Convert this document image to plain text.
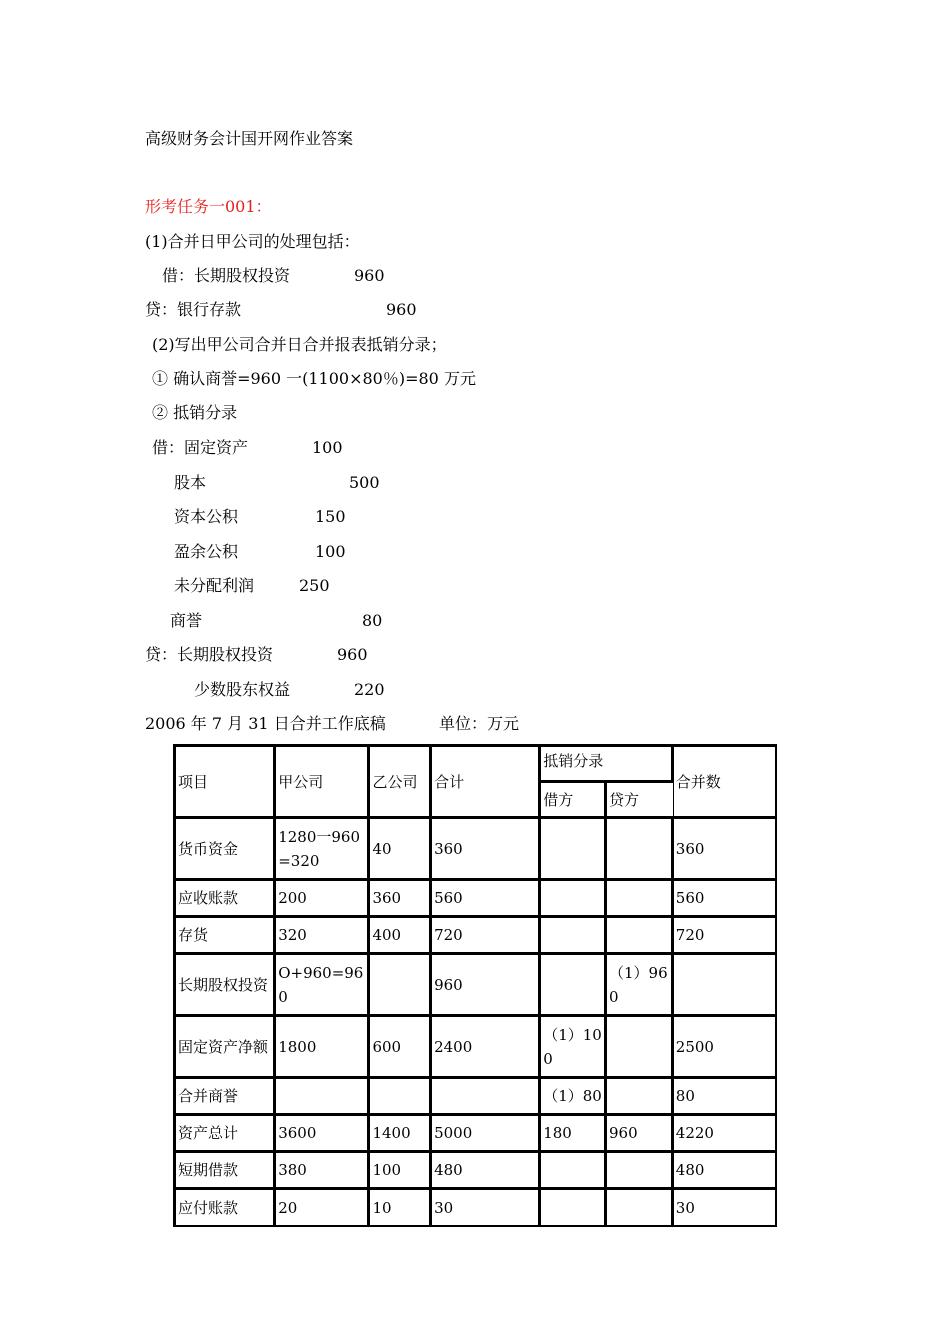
高级财务会计国开网作业答案
形考任务一001：
(1)合并日甲公司的处理包括：
借：长期股权投资	960
贷：银行存款	960
(2)写出甲公司合并日合并报表抵销分录；
① 确认商誉=960 一(1100×80％)=80 万元
② 抵销分录
借：固定资产	100
股本	500
资本公积	150
盈余公积	100
未分配利润	250
商誉	80
贷：长期股权投资	960
少数股东权益	220
2006 年 7 月 31 日合并工作底稿	单位：万元
项目	甲公司	乙公司	合计	抵销分录		合并数
				借方	贷方	
货币资金	1280一960=320	40	360			360
应收账款	200	360	560			560
存货	320	400	720			720
长期股权投资	O+960=960		960		（1）960	
固定资产净额	1800	600	2400	（1）100		2500
合并商誉				（1）80		80
资产总计	3600	1400	5000	180	960	4220
短期借款	380	100	480			480
应付账款	20	10	30			30
